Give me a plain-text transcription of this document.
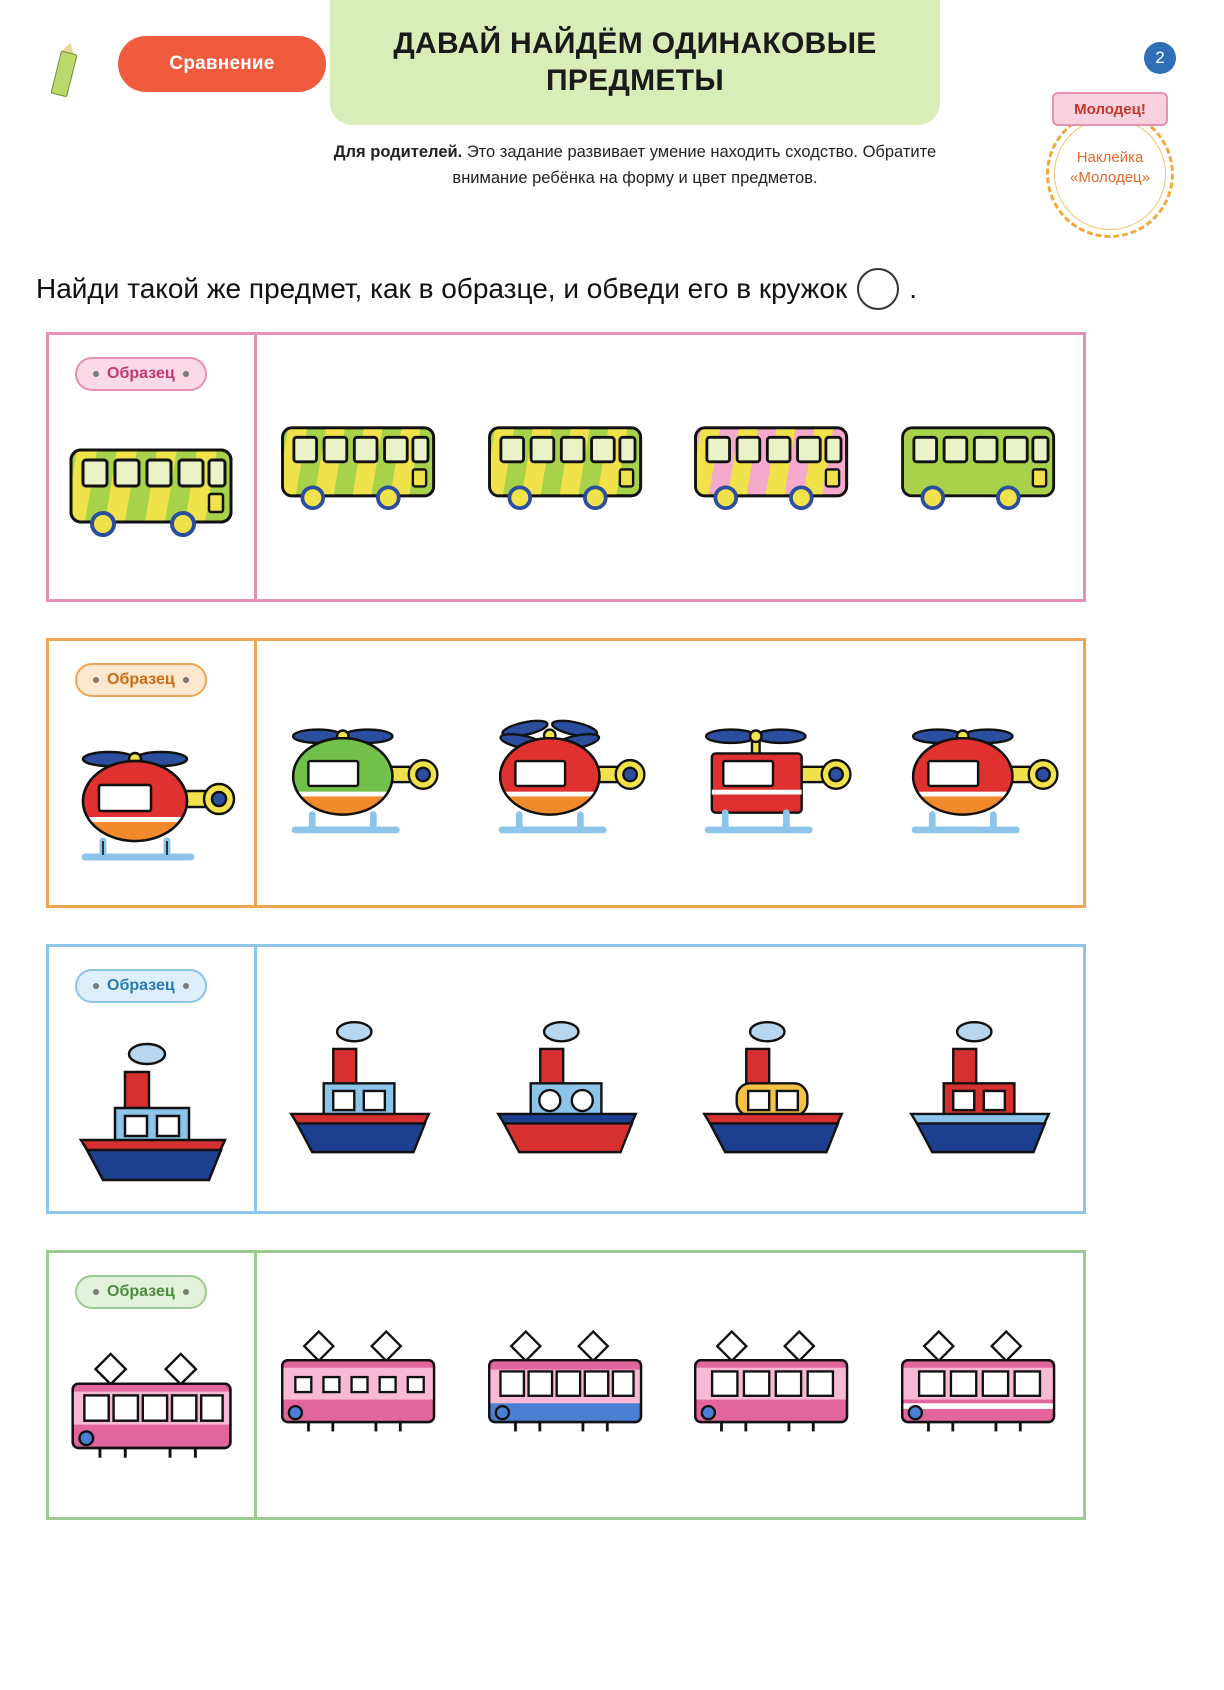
Сравнение
ДАВАЙ НАЙДЁМ ОДИНАКОВЫЕ ПРЕДМЕТЫ
2
Для родителей. Это задание развивает умение находить сходство. Обратите внимание ребёнка на форму и цвет предметов.
Наклейка «Молодец»
Молодец!
Найди такой же предмет, как в образце, и обведи его в кружок .
Образец
Образец
Образец
Образец
